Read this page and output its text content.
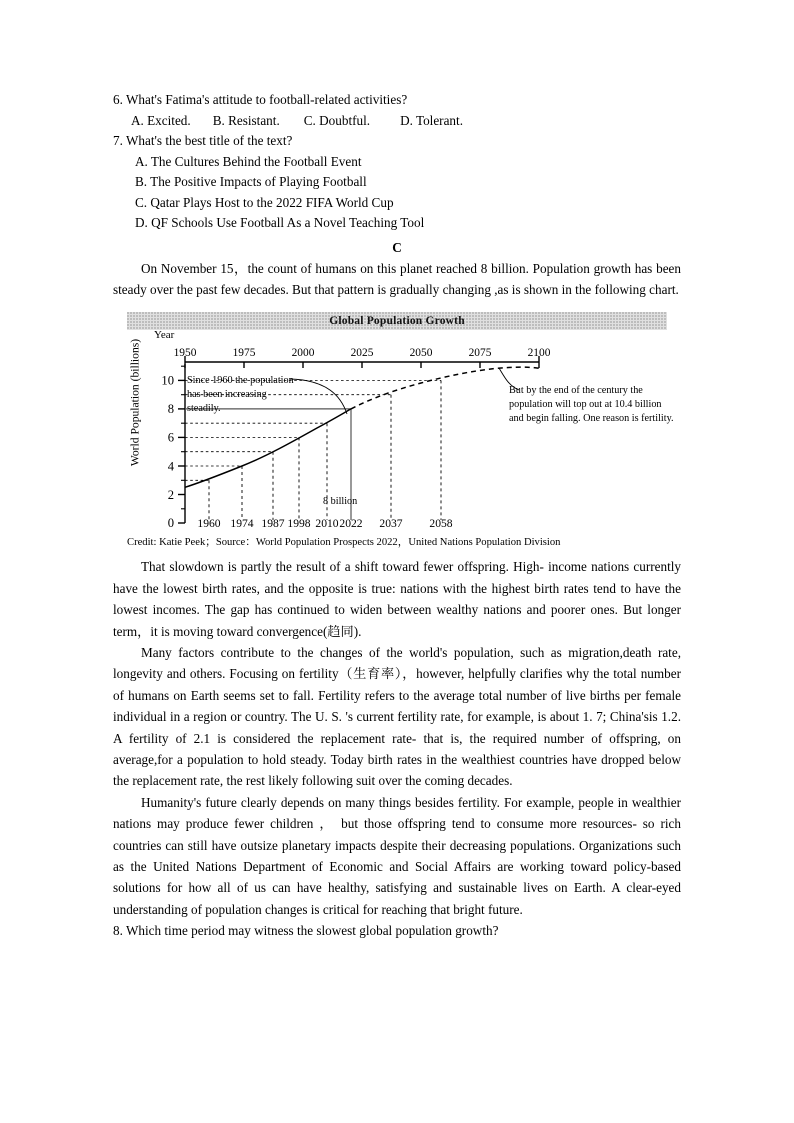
6. What's Fatima's attitude to football-related activities?
A. Excited. B. Resistant. C. Doubtful. D. Tolerant.
7. What's the best title of the text?
A. The Cultures Behind the Football Event
B. The Positive Impacts of Playing Football
C. Qatar Plays Host to the 2022 FIFA World Cup
D. QF Schools Use Football As a Novel Teaching Tool
C

On November 15，the count of humans on this planet reached 8 billion. Population growth has been steady over the past few decades. But that pattern is gradually changing ,as is shown in the following chart.

Global Population Growth
Year
World Population (billions)	1950	1975	2000	2025	2050	2075	2100
0
2
4
6
8
10
1960 1974 1987 1998 2010 2022 2037 2058
Since 1960 the population has been increasing steadily.
But by the end of the century the population will top out at 10.4 billion and begin falling. One reason is fertility.
8 billion
Credit: Katie Peek；Source：World Population Prospects 2022，United Nations Population Division

That slowdown is partly the result of a shift toward fewer offspring. High- income nations currently have the lowest birth rates, and the opposite is true: nations with the highest birth rates tend to have the lowest incomes. The gap has continued to widen between wealthy nations and poorer ones. But longer term，it is moving toward convergence(趋同).

Many factors contribute to the changes of the world's population, such as migration,death rate, longevity and others. Focusing on fertility（生育率），however, helpfully clarifies why the total number of humans on Earth seems set to fall. Fertility refers to the average total number of live births per female individual in a region or country. The U. S. 's current fertility rate, for example, is about 1. 7; China'sis 1.2. A fertility of 2.1 is considered the replacement rate- that is, the required number of offspring, on average,for a population to hold steady. Today birth rates in the wealthiest countries have dropped below the replacement rate, the rest likely following suit over the coming decades.

Humanity's future clearly depends on many things besides fertility. For example, people in wealthier nations may produce fewer children ， but those offspring tend to consume more resources- so rich countries can still have outsize planetary impacts despite their decreasing populations. Organizations such as the United Nations Department of Economic and Social Affairs are working toward policy-based solutions for how all of us can have healthy, satisfying and sustainable lives on Earth. A clear-eyed understanding of population changes is critical for reaching that bright future.

8. Which time period may witness the slowest global population growth?
